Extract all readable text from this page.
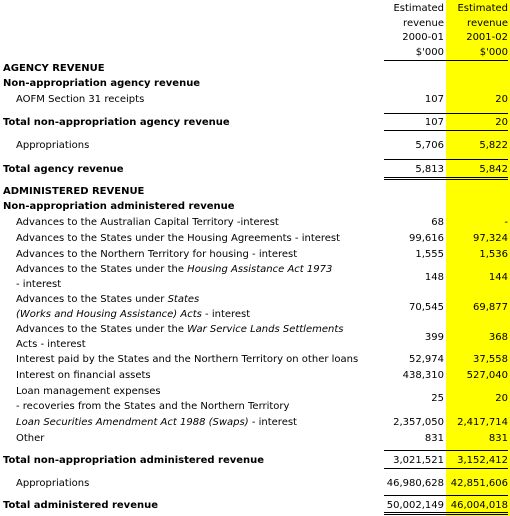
Estimated
revenue
2000-01
$'000
Estimated
revenue
2001-02
$'000
AGENCY REVENUE
Non-appropriation agency revenue
AOFM Section 31 receipts	107	20
Total non-appropriation agency revenue	107	20
Appropriations	5,706	5,822
Total agency revenue	5,813	5,842
ADMINISTERED REVENUE
Non-appropriation administered revenue
Advances to the Australian Capital Territory -interest	68	-
Advances to the States under the Housing Agreements - interest	99,616	97,324
Advances to the Northern Territory for housing - interest	1,555	1,536
Advances to the States under the Housing Assistance Act 1973
- interest
148	144
Advances to the States under States
(Works and Housing Assistance) Acts - interest
70,545	69,877
Advances to the States under the War Service Lands Settlements
Acts - interest
399	368
Interest paid by the States and the Northern Territory on other loans	52,974	37,558
Interest on financial assets	438,310	527,040
Loan management expenses
- recoveries from the States and the Northern Territory
25	20
Loan Securities Amendment Act 1988 (Swaps) - interest	2,357,050	2,417,714
Other	831	831
Total non-appropriation administered revenue	3,021,521	3,152,412
Appropriations	46,980,628 42,851,606
Total administered revenue	50,002,149 46,004,018
